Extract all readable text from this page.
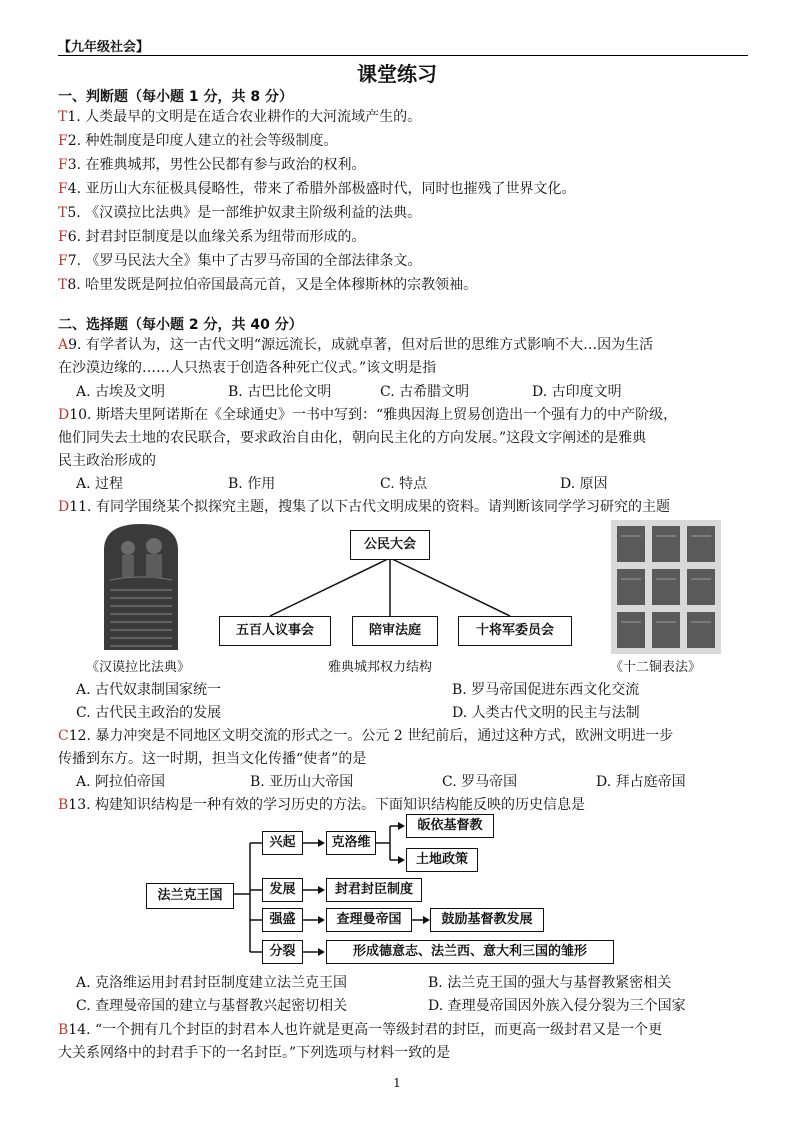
【九年级社会】
课堂练习
一、判断题（每小题 1 分，共 8 分）
T1. 人类最早的文明是在适合农业耕作的大河流域产生的。
F2. 种姓制度是印度人建立的社会等级制度。
F3. 在雅典城邦，男性公民都有参与政治的权利。
F4. 亚历山大东征极具侵略性，带来了希腊外部极盛时代，同时也摧残了世界文化。
T5. 《汉谟拉比法典》是一部维护奴隶主阶级利益的法典。
F6. 封君封臣制度是以血缘关系为纽带而形成的。
F7. 《罗马民法大全》集中了古罗马帝国的全部法律条文。
T8. 哈里发既是阿拉伯帝国最高元首，又是全体穆斯林的宗教领袖。
二、选择题（每小题 2 分，共 40 分）
A9. 有学者认为，这一古代文明“源远流长，成就卓著，但对后世的思维方式影响不大…因为生活
在沙漠边缘的……人只热衷于创造各种死亡仪式。”该文明是指
A. 古埃及文明	B. 古巴比伦文明	C. 古希腊文明	D. 古印度文明
D10. 斯塔夫里阿诺斯在《全球通史》一书中写到：“雅典因海上贸易创造出一个强有力的中产阶级，
他们同失去土地的农民联合，要求政治自由化，朝向民主化的方向发展。”这段文字阐述的是雅典
民主政治形成的
A. 过程	B. 作用	C. 特点	D. 原因
D11. 有同学围绕某个拟探究主题，搜集了以下古代文明成果的资料。请判断该同学学习研究的主题
公民大会
五百人议事会	陪审法庭	十将军委员会
《汉谟拉比法典》	雅典城邦权力结构	《十二铜表法》
A. 古代奴隶制国家统一	B. 罗马帝国促进东西文化交流
C. 古代民主政治的发展	D. 人类古代文明的民主与法制
C12. 暴力冲突是不同地区文明交流的形式之一。公元 2 世纪前后，通过这种方式，欧洲文明进一步
传播到东方。这一时期，担当文化传播“使者”的是
A. 阿拉伯帝国	B. 亚历山大帝国	C. 罗马帝国	D. 拜占庭帝国
B13. 构建知识结构是一种有效的学习历史的方法。下面知识结构能反映的历史信息是
法兰克王国
兴起
发展
强盛
分裂
克洛维
皈依基督教
土地政策
封君封臣制度
查理曼帝国	鼓励基督教发展
形成德意志、法兰西、意大利三国的雏形
A. 克洛维运用封君封臣制度建立法兰克王国	B. 法兰克王国的强大与基督教紧密相关
C. 查理曼帝国的建立与基督教兴起密切相关	D. 查理曼帝国因外族入侵分裂为三个国家
B14. “一个拥有几个封臣的封君本人也许就是更高一等级封君的封臣，而更高一级封君又是一个更
大关系网络中的封君手下的一名封臣。”下列选项与材料一致的是
1
